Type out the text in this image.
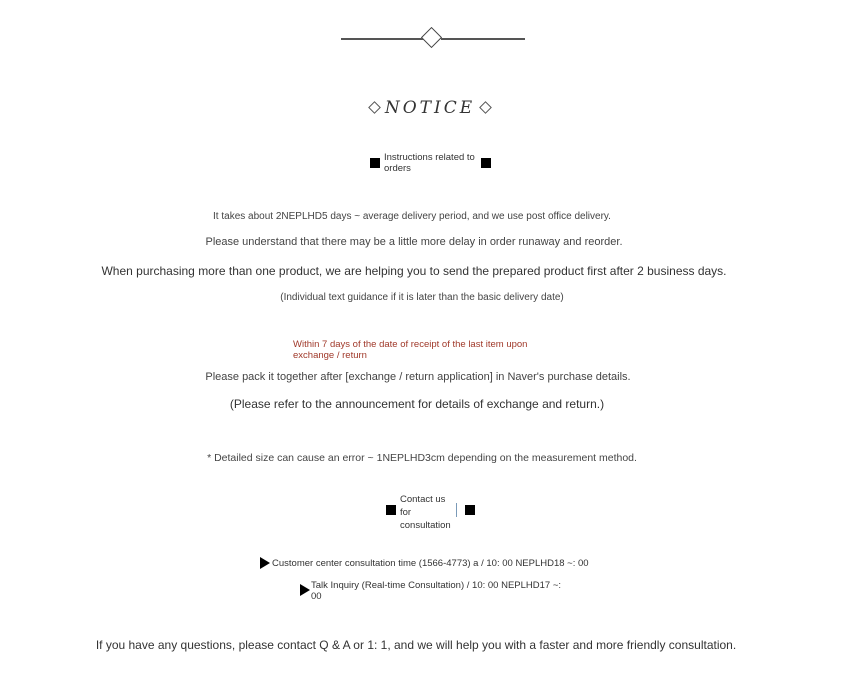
NOTICE
Instructions related to orders
It takes about 2NEPLHD5 days ~ average delivery period, and we use post office delivery.
Please understand that there may be a little more delay in order runaway and reorder.
When purchasing more than one product, we are helping you to send the prepared product first after 2 business days.
(Individual text guidance if it is later than the basic delivery date)
Within 7 days of the date of receipt of the last item upon exchange / return
Please pack it together after [exchange / return application] in Naver's purchase details.
(Please refer to the announcement for details of exchange and return.)
* Detailed size can cause an error ~ 1NEPLHD3cm depending on the measurement method.
Contact us for consultation
Customer center consultation time (1566-4773) a / 10: 00 NEPLHD18 ~: 00
Talk Inquiry (Real-time Consultation) / 10: 00 NEPLHD17 ~: 00
If you have any questions, please contact Q & A or 1: 1, and we will help you with a faster and more friendly consultation.
